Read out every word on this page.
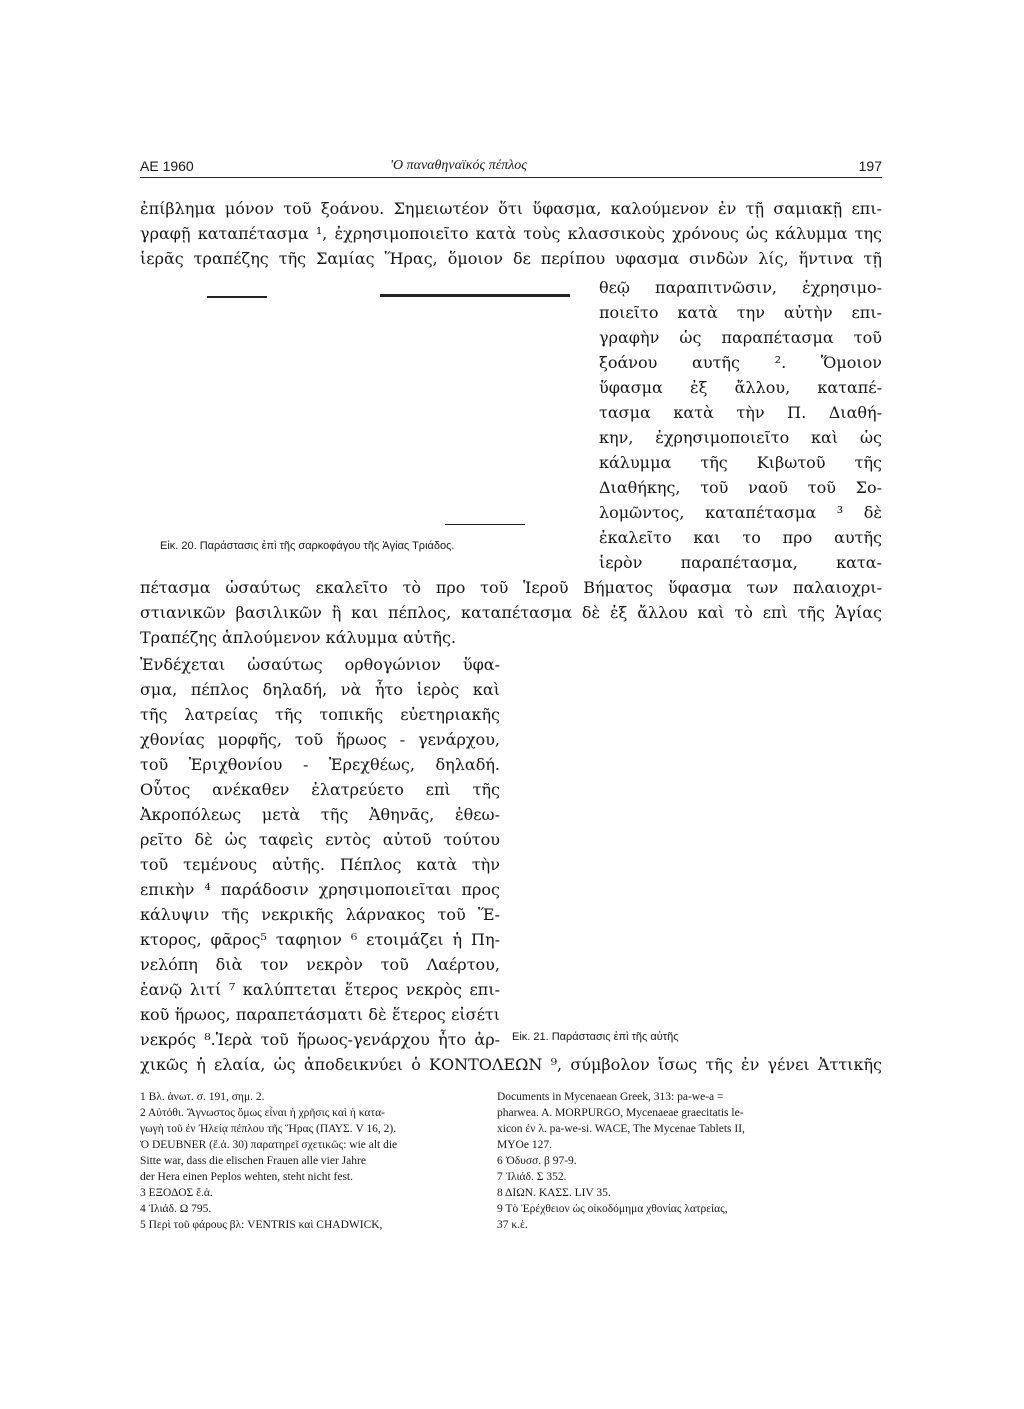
ΑΕ 1960	'Ο παναθηναϊκός πέπλος	197
ἐπίβλημα μόνον τοῦ ξοάνου. Σημειωτέον ὅτι ὕφασμα, καλούμενον ἐν τῇ σαμιακῇ επι-
γραφῇ καταπέτασμα ¹, ἐχρησιμοποιεῖτο κατὰ τοὺς κλασσικοὺς χρόνους ὡς κάλυμμα της
ἱερᾶς τραπέζης τῆς Σαμίας Ἥρας, ὅμοιον δε περίπου υφασμα σινδὼν λίς, ἥντινα τῇ
Εἰκ. 20. Παράστασις ἐπὶ τῆς σαρκοφάγου τῆς Ἁγίας Τριάδος.
θεῷ παραπιτνῶσιν, ἐχρησιμο-
ποιεῖτο κατὰ την αὐτὴν επι-
γραφὴν ὡς παραπέτασμα τοῦ
ξοάνου αυτῆς ². Ὅμοιον
ὕφασμα ἐξ ἄλλου, καταπέ-
τασμα κατὰ τὴν Π. Διαθή-
κην, ἐχρησιμοποιεῖτο καὶ ὡς
κάλυμμα τῆς Κιβωτοῦ τῆς
Διαθήκης, τοῦ ναοῦ τοῦ Σο-
λομῶντος, καταπέτασμα ³ δὲ
ἐκαλεῖτο και το προ αυτῆς
ἱερὸν παραπέτασμα, κατα-
πέτασμα ὡσαύτως εκαλεῖτο τὸ προ τοῦ Ἱεροῦ Βήματος ὕφασμα των παλαιοχρι-
στιανικῶν βασιλικῶν ἢ και πέπλος, καταπέτασμα δὲ ἐξ ἄλλου καὶ τὸ επὶ τῆς Ἁγίας
Τραπέζης ἁπλούμενον κάλυμμα αὐτῆς.
Ἐνδέχεται ὡσαύτως ορθογώνιον ὕφα-
σμα, πέπλος δηλαδή, νὰ ἦτο ἱερὸς καὶ
τῆς λατρείας τῆς τοπικῆς εὐετηριακῆς
χθονίας μορφῆς, τοῦ ἥρωος - γενάρχου,
τοῦ Ἐριχθονίου - Ἐρεχθέως, δηλαδή.
Οὗτος ανέκαθεν ἐλατρεύετο επὶ τῆς
Ἀκροπόλεως μετὰ τῆς Ἀθηνᾶς, ἐθεω-
ρεῖτο δὲ ὡς ταφεὶς εντὸς αὐτοῦ τούτου
τοῦ τεμένους αὐτῆς. Πέπλος κατὰ τὴν
επικὴν ⁴ παράδοσιν χρησιμοποιεῖται προς
κάλυψιν τῆς νεκρικῆς λάρνακος τοῦ Ἕ-
κτορος, φᾶρος⁵ ταφηιον ⁶ ετοιμάζει ἡ Πη-
νελόπη διὰ τον νεκρὸν τοῦ Λαέρτου,
ἑανῷ λιτί ⁷ καλύπτεται ἕτερος νεκρὸς επι-
κοῦ ἥρωος, παραπετάσματι δὲ ἕτερος εἰσέτι
νεκρός ⁸.Ἱερὰ τοῦ ἥρωος-γενάρχου ἦτο ἀρ- Εἰκ. 21. Παράστασις ἐπὶ τῆς αὐτῆς
χικῶς ἡ ελαία, ὡς ἀποδεικνύει ὁ ΚΟΝΤΟΛΕΩΝ ⁹, σύμβολον ἴσως τῆς ἐν γένει Ἀττικῆς
1 Βλ. ἀνωτ. σ. 191, σημ. 2.
2 Αὐτόθι. Ἄγνωστος ὅμως εἶναι ἡ χρῆσις καὶ ἡ κατα-
γωγὴ τοῦ ἐν Ἠλείᾳ πέπλου τῆς Ἥρας (ΠΑΥΣ. V 16, 2).
Ὁ DEUBNER (ἔ.ἀ. 30) παρατηρεῖ σχετικῶς: wie alt die
Sitte war, dass die elischen Frauen alle vier Jahre
der Hera einen Peplos wehten, steht nicht fest.
3 ΕΞΟΔΟΣ ἔ.ἀ.
4 Ἰλιάδ. Ω 795.
5 Περὶ τοῦ φάρους βλ: VENTRIS καὶ CHADWICK,
Documents in Mycenaean Greek, 313: pa-we-a =
pharwea. A. MORPURGO, Mycenaeae graecitatis le-
xicon ἐν λ. pa-we-si. WACE, The Mycenae Tablets II,
MYOe 127.
6 Ὀδυσσ. β 97-9.
7 Ἰλιάδ. Σ 352.
8 ΔΙΩΝ. ΚΑΣΣ. LIV 35.
9 Τὸ Ἐρέχθειον ὡς οἰκοδόμημα χθονίας λατρείας,
37 κ.ἑ.
